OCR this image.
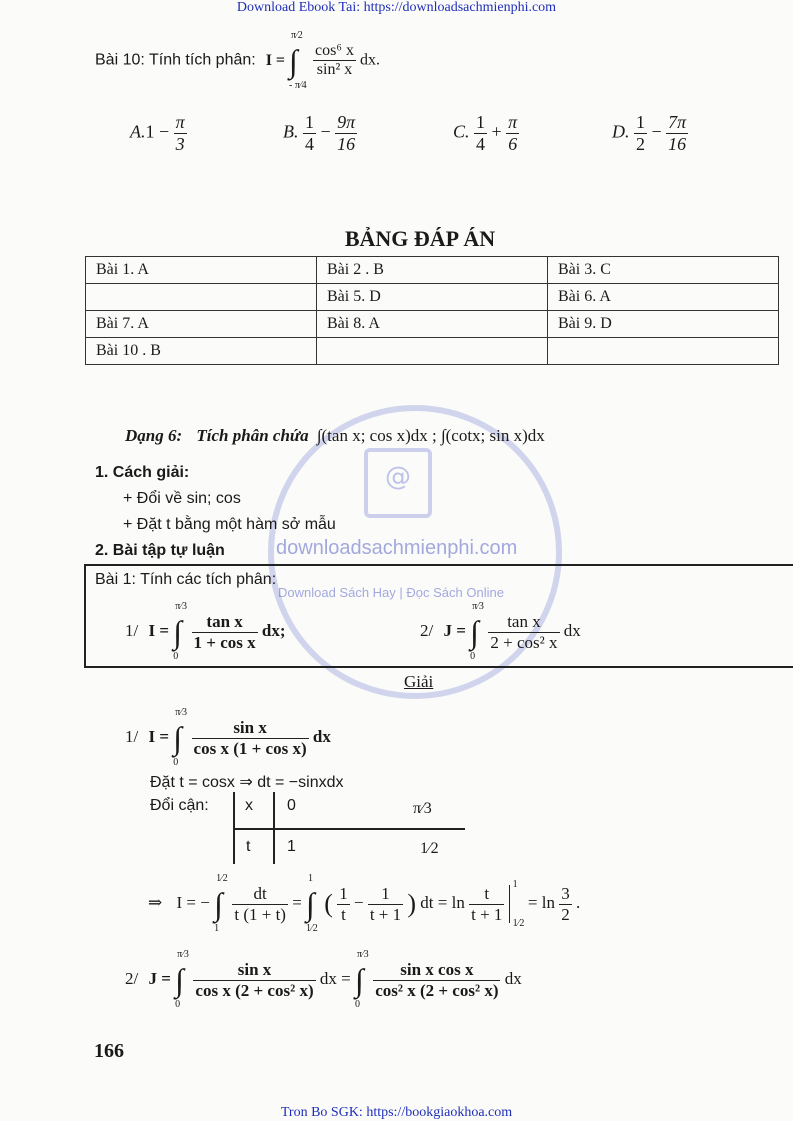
Download Ebook Tai: https://downloadsachmienphi.com
Tron Bo SGK: https://bookgiaokhoa.com
@
downloadsachmienphi.com
Download Sách Hay | Đọc Sách Online
Bài 10: Tính tích phân: I = ∫
π⁄2
- π⁄4

$\frac{\text{cos⁶ x}}{\text{sin² x}}$ dx.
$A.1 - \frac{\pi}{3}$	B. $\frac{1}{4} - \frac{9\pi}{16}$	C. $\frac{1}{4} + \frac{\pi}{6}$	D. $\frac{1}{2} - \frac{7\pi}{16}$
BẢNG ĐÁP ÁN
Bài 1. A	Bài 2 . B	Bài 3. C
	Bài 5. D	Bài 6. A
Bài 7. A	Bài 8. A	Bài 9. D
Bài 10 . B		
Dạng 6: Tích phân chứa ∫(tan x; cos x)dx ; ∫(cotx; sin x)dx
1. Cách giải:
+ Đổi về sin; cos
+ Đặt t bằng một hàm sở mẫu
2. Bài tập tự luận
Bài 1: Tính các tích phân:
1/ I = ∫
π⁄3
0

$\frac{\text{tan x}}{\text{1 + cos x}}$ dx;	2/ J = ∫
π⁄3
0

$\frac{\text{tan x}}{\text{2 + cos² x}}$ dx
Giải
1/ I = ∫
π⁄3
0

$\frac{\text{sin x}}{\text{cos x (1 + cos x)}}$ dx
Đặt t = cosx ⇒ dt = −sinxdx
Đổi cận: x 0	π⁄3
t 1	1⁄2
⇒ I = − ∫
1⁄2
1

$\frac{dt}{t (1 + t)}$ = ∫
1
1⁄2
( $\frac{1}{t} - \frac{1}{t + 1}$ ) dt = $\ln \frac{t}{t + 1}$
1
1⁄2
= $\ln \frac{3}{2}$ .
2/ J = ∫
π⁄3
0

$\frac{\text{sin x}}{\text{cos x (2 + cos² x)}}$ dx = ∫
π⁄3
0

$\frac{\text{sin x cos x}}{\text{cos² x (2 + cos² x)}}$ dx
166
